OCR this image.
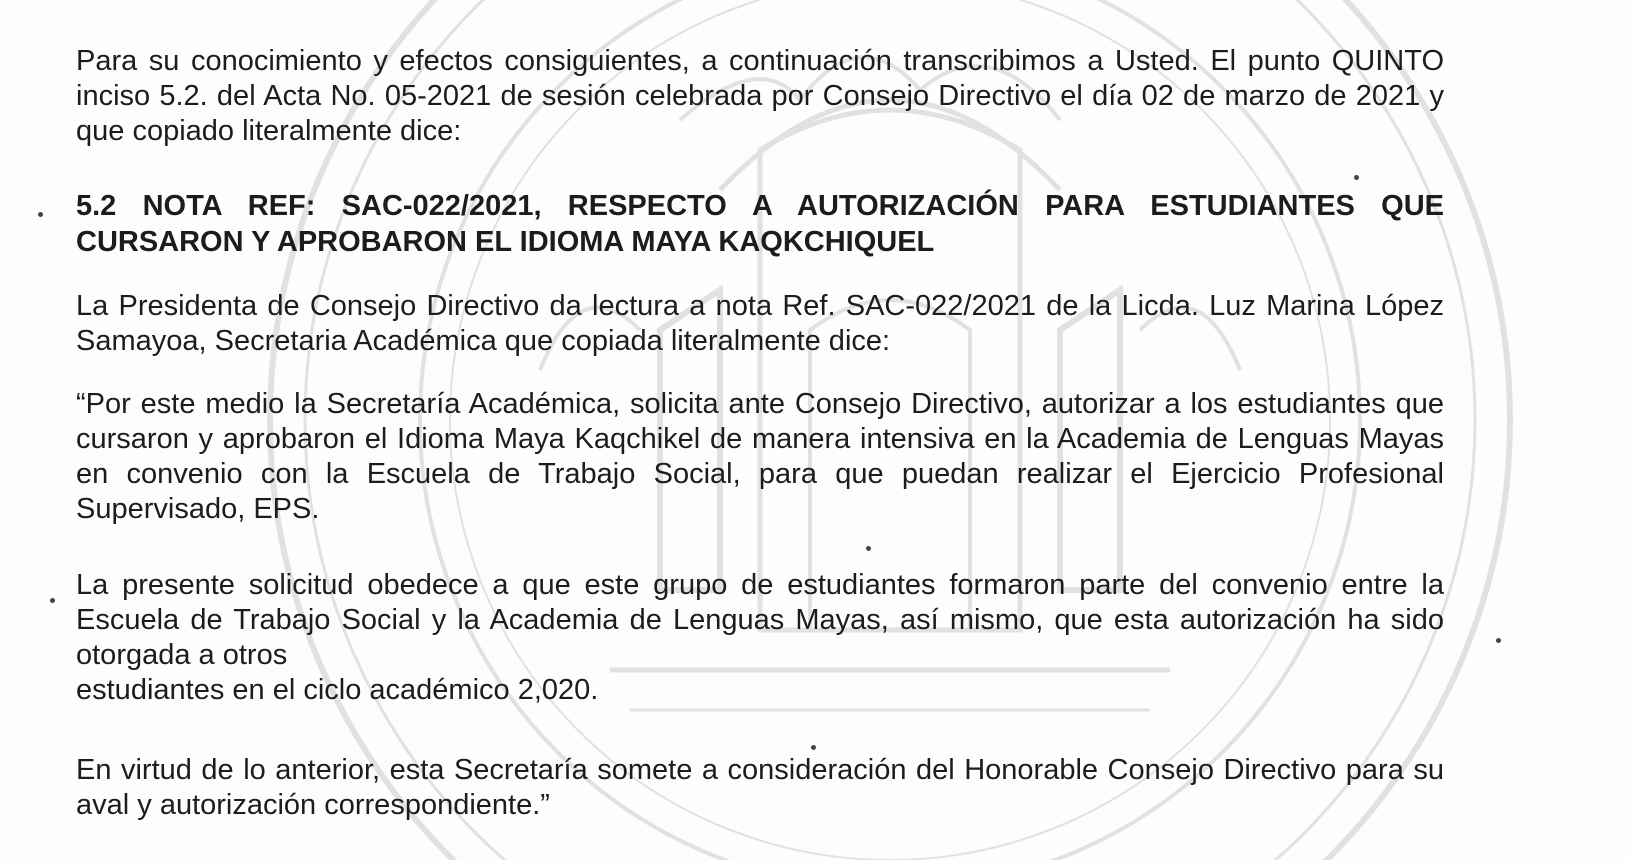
Para su conocimiento y efectos consiguientes, a continuación transcribimos a Usted. El punto QUINTO inciso 5.2. del Acta No. 05-2021 de sesión celebrada por Consejo Directivo el día 02 de marzo de 2021 y que copiado literalmente dice:

5.2 NOTA REF: SAC-022/2021, RESPECTO A AUTORIZACIÓN PARA ESTUDIANTES QUE CURSARON Y APROBARON EL IDIOMA MAYA KAQKCHIQUEL

La Presidenta de Consejo Directivo da lectura a nota Ref. SAC-022/2021 de la Licda. Luz Marina López Samayoa, Secretaria Académica que copiada literalmente dice:

“Por este medio la Secretaría Académica, solicita ante Consejo Directivo, autorizar a los estudiantes que cursaron y aprobaron el Idioma Maya Kaqchikel de manera intensiva en la Academia de Lenguas Mayas en convenio con la Escuela de Trabajo Social, para que puedan realizar el Ejercicio Profesional Supervisado, EPS.

La presente solicitud obedece a que este grupo de estudiantes formaron parte del convenio entre la Escuela de Trabajo Social y la Academia de Lenguas Mayas, así mismo, que esta autorización ha sido otorgada a otros

estudiantes en el ciclo académico 2,020.

En virtud de lo anterior, esta Secretaría somete a consideración del Honorable Consejo Directivo para su aval y autorización correspondiente.”
